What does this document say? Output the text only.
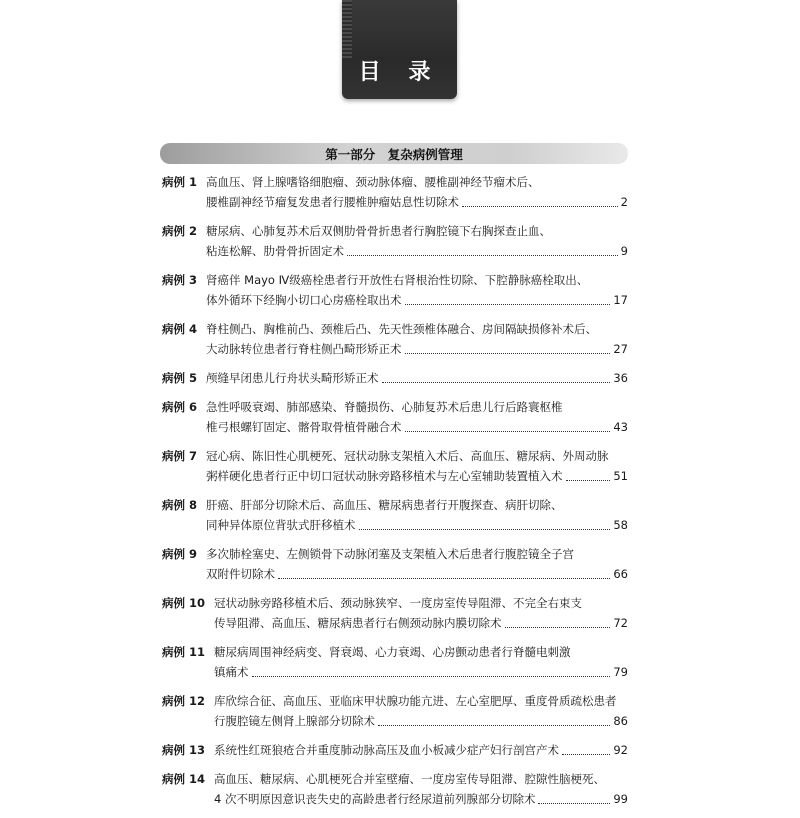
目 录
第一部分　复杂病例管理
病例 1 高血压、肾上腺嗜铬细胞瘤、颈动脉体瘤、腰椎副神经节瘤术后、
腰椎副神经节瘤复发患者行腰椎肿瘤姑息性切除术	2
病例 2 糖尿病、心肺复苏术后双侧肋骨骨折患者行胸腔镜下右胸探查止血、
粘连松解、肋骨骨折固定术	9
病例 3 肾癌伴 Mayo Ⅳ级癌栓患者行开放性右肾根治性切除、下腔静脉癌栓取出、
体外循环下经胸小切口心房癌栓取出术	17
病例 4 脊柱侧凸、胸椎前凸、颈椎后凸、先天性颈椎体融合、房间隔缺损修补术后、
大动脉转位患者行脊柱侧凸畸形矫正术	27
病例 5 颅缝早闭患儿行舟状头畸形矫正术	36
病例 6 急性呼吸衰竭、肺部感染、脊髓损伤、心肺复苏术后患儿行后路寰枢椎
椎弓根螺钉固定、髂骨取骨植骨融合术	43
病例 7 冠心病、陈旧性心肌梗死、冠状动脉支架植入术后、高血压、糖尿病、外周动脉
粥样硬化患者行正中切口冠状动脉旁路移植术与左心室辅助装置植入术	51
病例 8 肝癌、肝部分切除术后、高血压、糖尿病患者行开腹探查、病肝切除、
同种异体原位背驮式肝移植术	58
病例 9 多次肺栓塞史、左侧锁骨下动脉闭塞及支架植入术后患者行腹腔镜全子宫
双附件切除术	66
病例 10 冠状动脉旁路移植术后、颈动脉狭窄、一度房室传导阻滞、不完全右束支
传导阻滞、高血压、糖尿病患者行右侧颈动脉内膜切除术	72
病例 11 糖尿病周围神经病变、肾衰竭、心力衰竭、心房颤动患者行脊髓电刺激
镇痛术	79
病例 12 库欣综合征、高血压、亚临床甲状腺功能亢进、左心室肥厚、重度骨质疏松患者
行腹腔镜左侧肾上腺部分切除术	86
病例 13 系统性红斑狼疮合并重度肺动脉高压及血小板减少症产妇行剖宫产术	92
病例 14 高血压、糖尿病、心肌梗死合并室壁瘤、一度房室传导阻滞、腔隙性脑梗死、
4 次不明原因意识丧失史的高龄患者行经尿道前列腺部分切除术	99
